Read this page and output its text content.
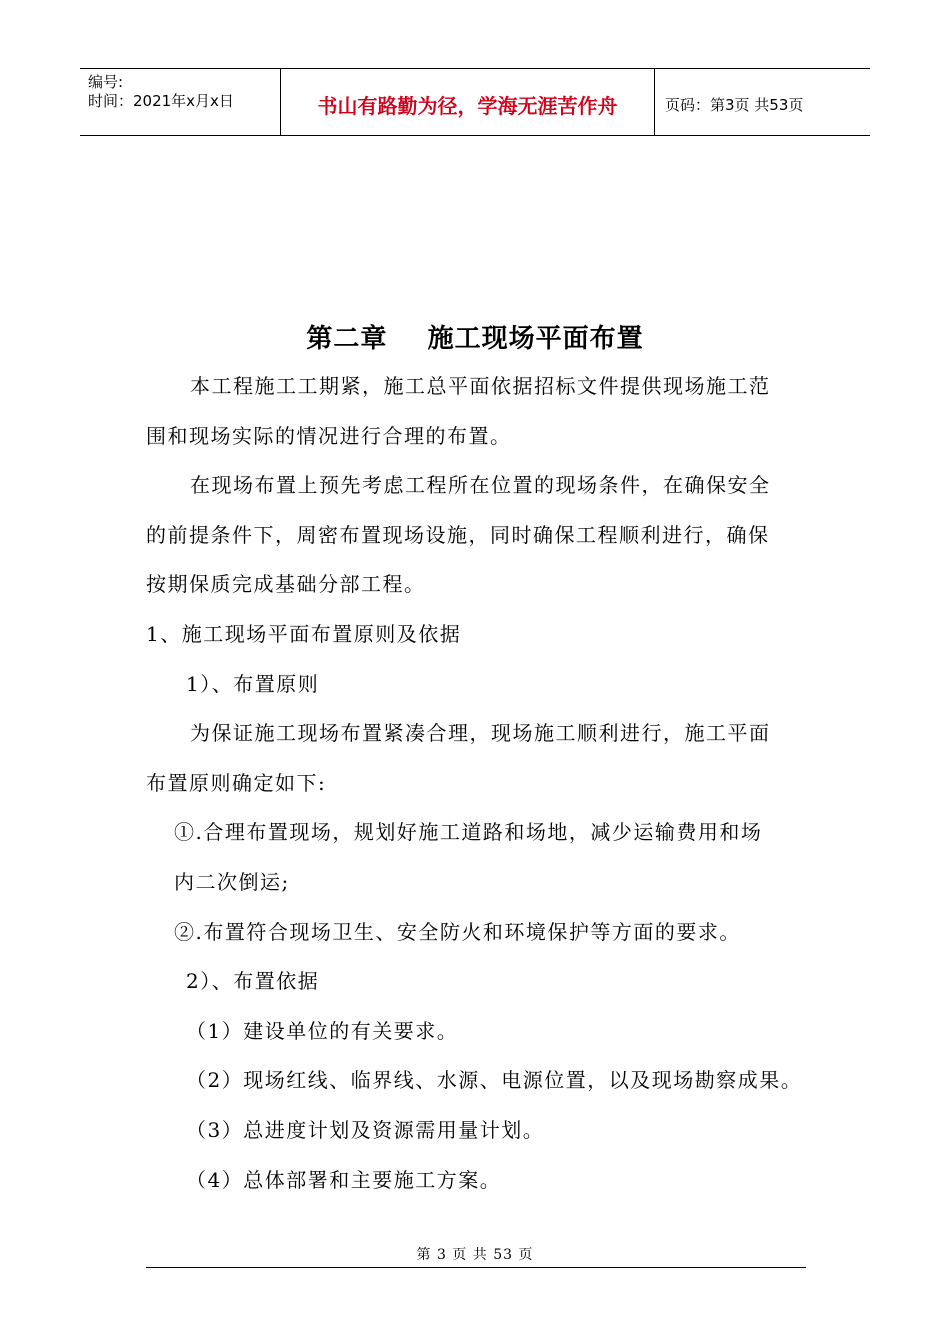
编号:
时间：2021年x月x日	书山有路勤为径，学海无涯苦作舟	页码：第3页 共53页
第二章    施工现场平面布置
本工程施工工期紧，施工总平面依据招标文件提供现场施工范
围和现场实际的情况进行合理的布置。
在现场布置上预先考虑工程所在位置的现场条件，在确保安全
的前提条件下，周密布置现场设施，同时确保工程顺利进行，确保
按期保质完成基础分部工程。
1、施工现场平面布置原则及依据
1）、布置原则
为保证施工现场布置紧凑合理，现场施工顺利进行，施工平面
布置原则确定如下:
①.合理布置现场，规划好施工道路和场地，减少运输费用和场
内二次倒运;
②.布置符合现场卫生、安全防火和环境保护等方面的要求。
2）、布置依据
（1）建设单位的有关要求。
（2）现场红线、临界线、水源、电源位置，以及现场勘察成果。
（3）总进度计划及资源需用量计划。
（4）总体部署和主要施工方案。
第 3 页 共 53 页
